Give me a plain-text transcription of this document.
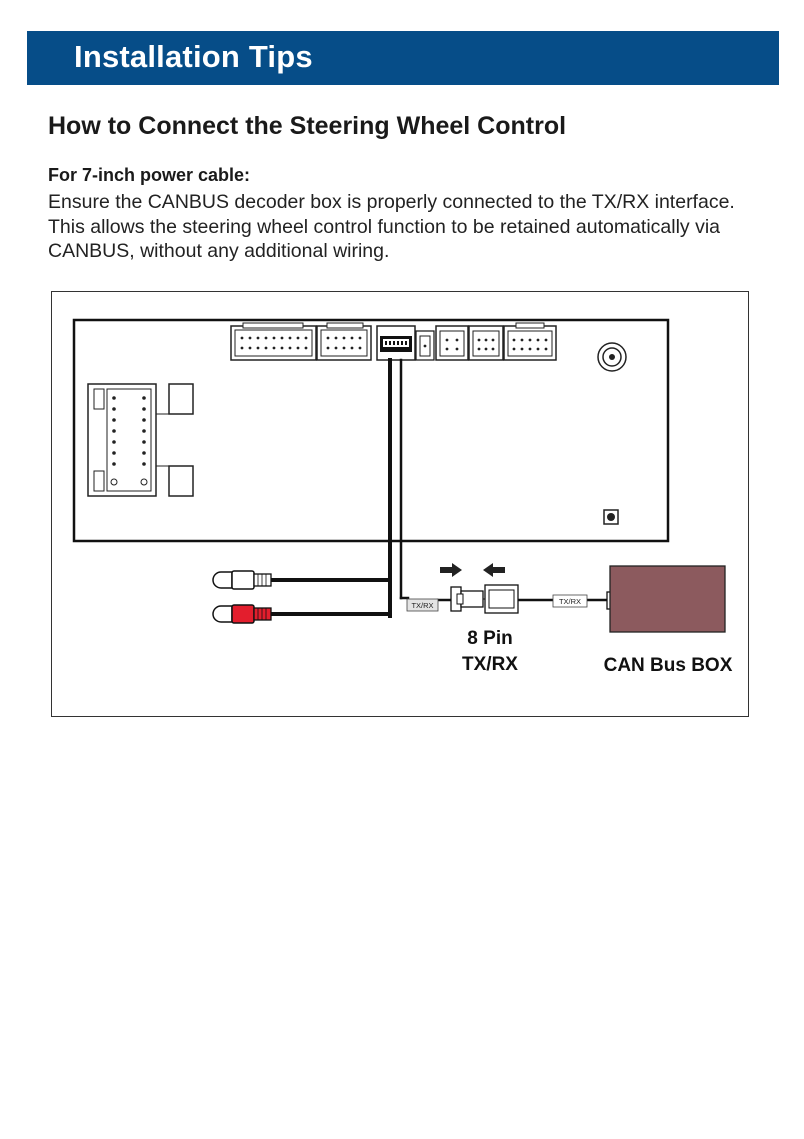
Installation Tips
How to Connect the Steering Wheel Control
For 7-inch power cable:

Ensure the CANBUS decoder box is properly connected to the TX/RX interface. This allows the steering wheel control function to be retained automatically via CANBUS, without any additional wiring.

TX/RX	TX/RX
8 Pin
TX/RX	CAN Bus BOX
